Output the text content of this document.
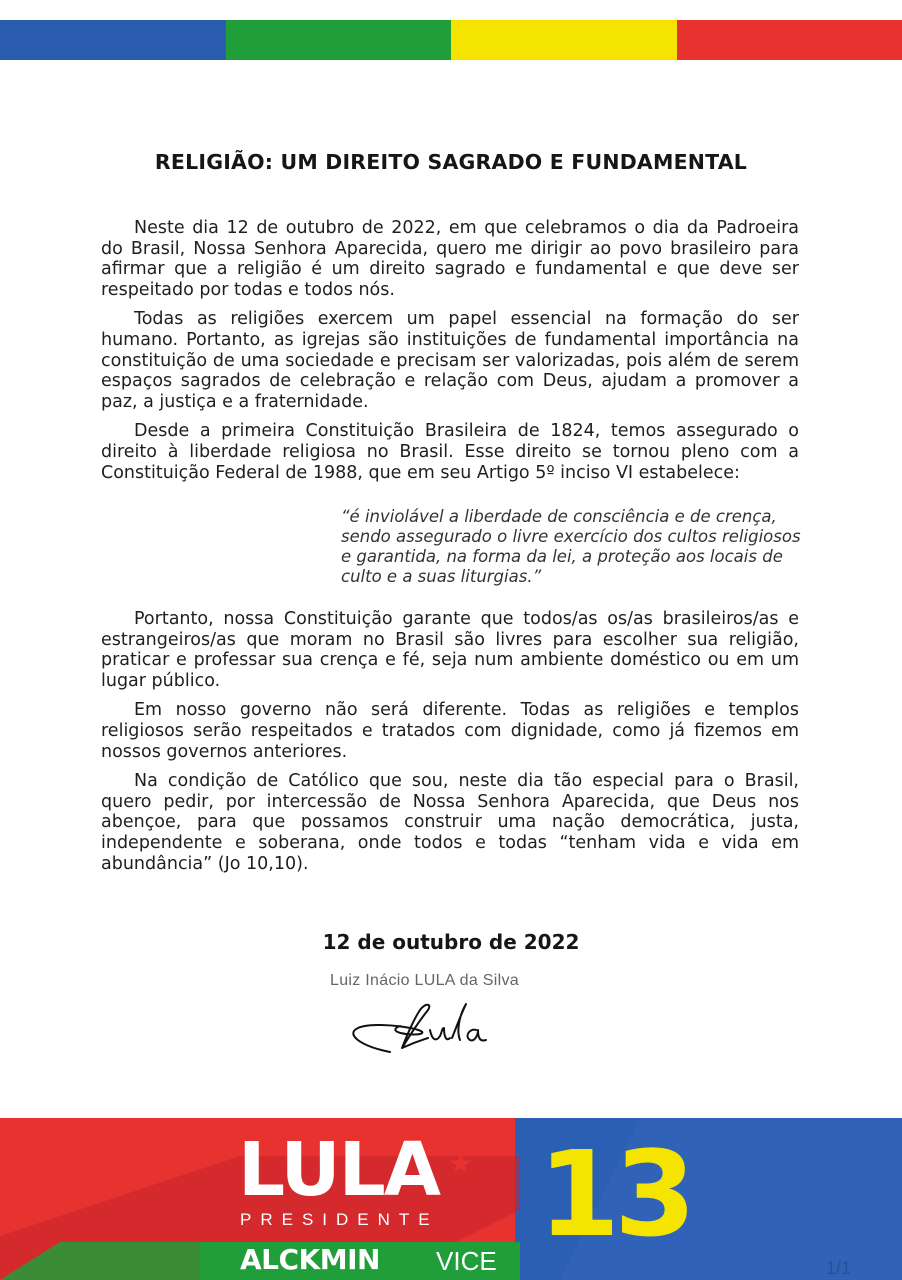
RELIGIÃO: UM DIREITO SAGRADO E FUNDAMENTAL

Neste dia 12 de outubro de 2022, em que celebramos o dia da Padroeira do Brasil, Nossa Senhora Aparecida, quero me dirigir ao povo brasileiro para afirmar que a religião é um direito sagrado e fundamental e que deve ser respeitado por todas e todos nós.

Todas as religiões exercem um papel essencial na formação do ser humano. Portanto, as igrejas são instituições de fundamental importância na constituição de uma sociedade e precisam ser valorizadas, pois além de serem espaços sagrados de celebração e relação com Deus, ajudam a promover a paz, a justiça e a fraternidade.

Desde a primeira Constituição Brasileira de 1824, temos assegurado o direito à liberdade religiosa no Brasil. Esse direito se tornou pleno com a Constituição Federal de 1988, que em seu Artigo 5º inciso VI estabelece:

“é inviolável a liberdade de consciência e de crença, sendo assegurado o livre exercício dos cultos religiosos e garantida, na forma da lei, a proteção aos locais de culto e a suas liturgias.”

Portanto, nossa Constituição garante que todos/as os/as brasileiros/as e estrangeiros/as que moram no Brasil são livres para escolher sua religião, praticar e professar sua crença e fé, seja num ambiente doméstico ou em um lugar público.

Em nosso governo não será diferente. Todas as religiões e templos religiosos serão respeitados e tratados com dignidade, como já fizemos em nossos governos anteriores.

Na condição de Católico que sou, neste dia tão especial para o Brasil, quero pedir, por intercessão de Nossa Senhora Aparecida, que Deus nos abençoe, para que possamos construir uma nação democrática, justa, independente e soberana, onde todos e todas “tenham vida e vida em abundância” (Jo 10,10).

12 de outubro de 2022
Luiz Inácio LULA da Silva
LULA ★
PRESIDENTE
ALCKMIN VICE 13
1/1
